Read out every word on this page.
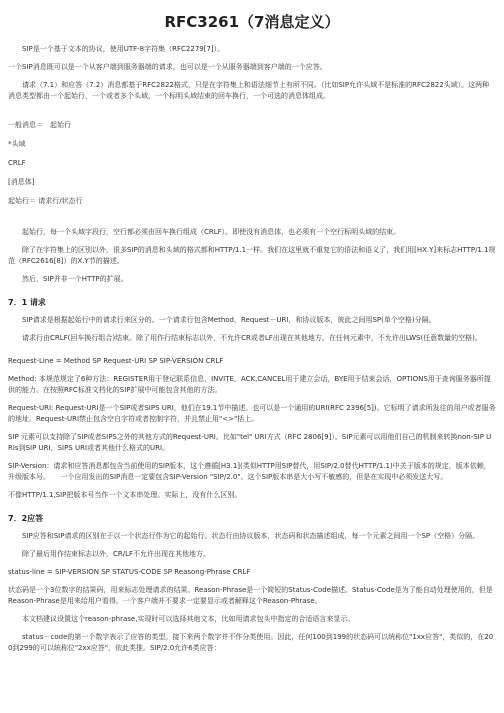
RFC3261（7消息定义）

SIP是一个基于文本的协议，使用UTF-8字符集（RFC2279[7]）。

一个SIP消息既可以是一个从客户端到服务器端的请求，也可以是一个从服务器端到客户端的一个应答。

请求（7.1）和应答（7.2）消息都基于RFC2822格式，只是在字符集上和语法细节上有所不同。（比如SIP允许头域不是标准的RFC2822头域）。这两种消息类型都由一个起始行，一个或者多个头域，一个标明头域结束的回车换行，一个可选的消息体组成。

一般消息＝　起始行

*头域

CRLF

[消息体]

起始行＝ 请求行/状态行

起始行，每一个头域字段行，空行都必须由回车换行组成（CRLF）。即使没有消息体，也必须有一个空行标明头域的结束。

除了在字符集上的区别以外，很多SIP的消息和头域的格式都和HTTP/1.1一样。我们在这里就不重复它的语法和语义了，我们用[HX.Y]来标志HTTP/1.1规范（RFC2616[8]）的X.Y节的描述。

然后，SIP并非一个HTTP的扩展。

7．1 请求

SIP请求是根据起始行中的请求行来区分的。一个请求行包含Method，Request－URI，和协议版本，彼此之间用SP(单个空格)分隔。

请求行由CRLF(回车换行组合)结束。除了用作行结束标志以外，不允许CR或者LF出现在其他地方。在任何元素中，不允许出LWS(任意数量的空格)。

Request-Line = Method SP Request-URI SP SIP-VERSION CRLF

Method: 本规范规定了6种方法：REGISTER用于登记联系信息，INVITE，ACK,CANCEL用于建立会话，BYE用于结束会话，OPTIONS用于查询服务器所提供的能力。在按照RFC标准文档化的SIP扩展中可能包含其他的方法。

Request-URI: Request-URI是一个SIP或者SIPS URI，他们在19.1节中描述。也可以是一个通用的URI(RFC 2396[5])。它标明了请求所发往的用户或者服务的地址。Request-URI禁止包含空白字符或者控制字符，并且禁止用"<>"括上。

SIP 元素可以支持除了SIP或者SIPS之外的其他方式的Request-URI。比如"tel" URI方式（RFC 2806[9]）。SIP元素可以用他们自己的机制来转换non-SIP URIs到SIP URI，SIPS URI或者其他什么格式的URI。

SIP-Version：请求和应答消息都包含当前使用的SIP版本，这个遵循[H3.1](类似HTTP用SIP替代，用SIP/2.0替代HTTP/1.1)中关于版本的规定，版本依赖，升级版本号。　　一个应用发出的SIP消息一定要包含SIP-Version "SIP/2.0"。这个SIP版本串是大小写不敏感的，但是在实现中必须发送大写。

不像HTTP/1.1,SIP把版本号当作一个文本串处理。实际上，没有什么区别。

7．2应答

SIP应答和SIP请求的区别在于以一个状态行作为它的起始行。状态行由协议版本，状态码和状态描述组成，每一个元素之间用一个SP（空格）分隔。

除了最后用作结束标志以外，CR/LF不允许出现在其他地方。

status-line = SIP-VERSION SP STATUS-CODE SP Reasong-Phrase CRLF

状态码是一个3位数字的结果码，用来标志处理请求的结果。Reason-Phrase是一个简短的Status-Code描述。Status-Code是为了能自动处理使用的，但是Reason-Phrase是用来给用户看得。一个客户端并不要求一定要显示或者解释这个Reason-Phrase。

本文档建议设置这个reason-phrase,实现时可以选择其他文本，比如用请求包头中指定的合适语言来显示。

status－code的第一个数字表示了应答的类型。接下来两个数字并不作分类使用。因此，任何100到199的状态码可以统称位"1xx应答"，类似的，在200到299的可以统称位"2xx应答"，依此类推。SIP/2.0允许6类应答：
